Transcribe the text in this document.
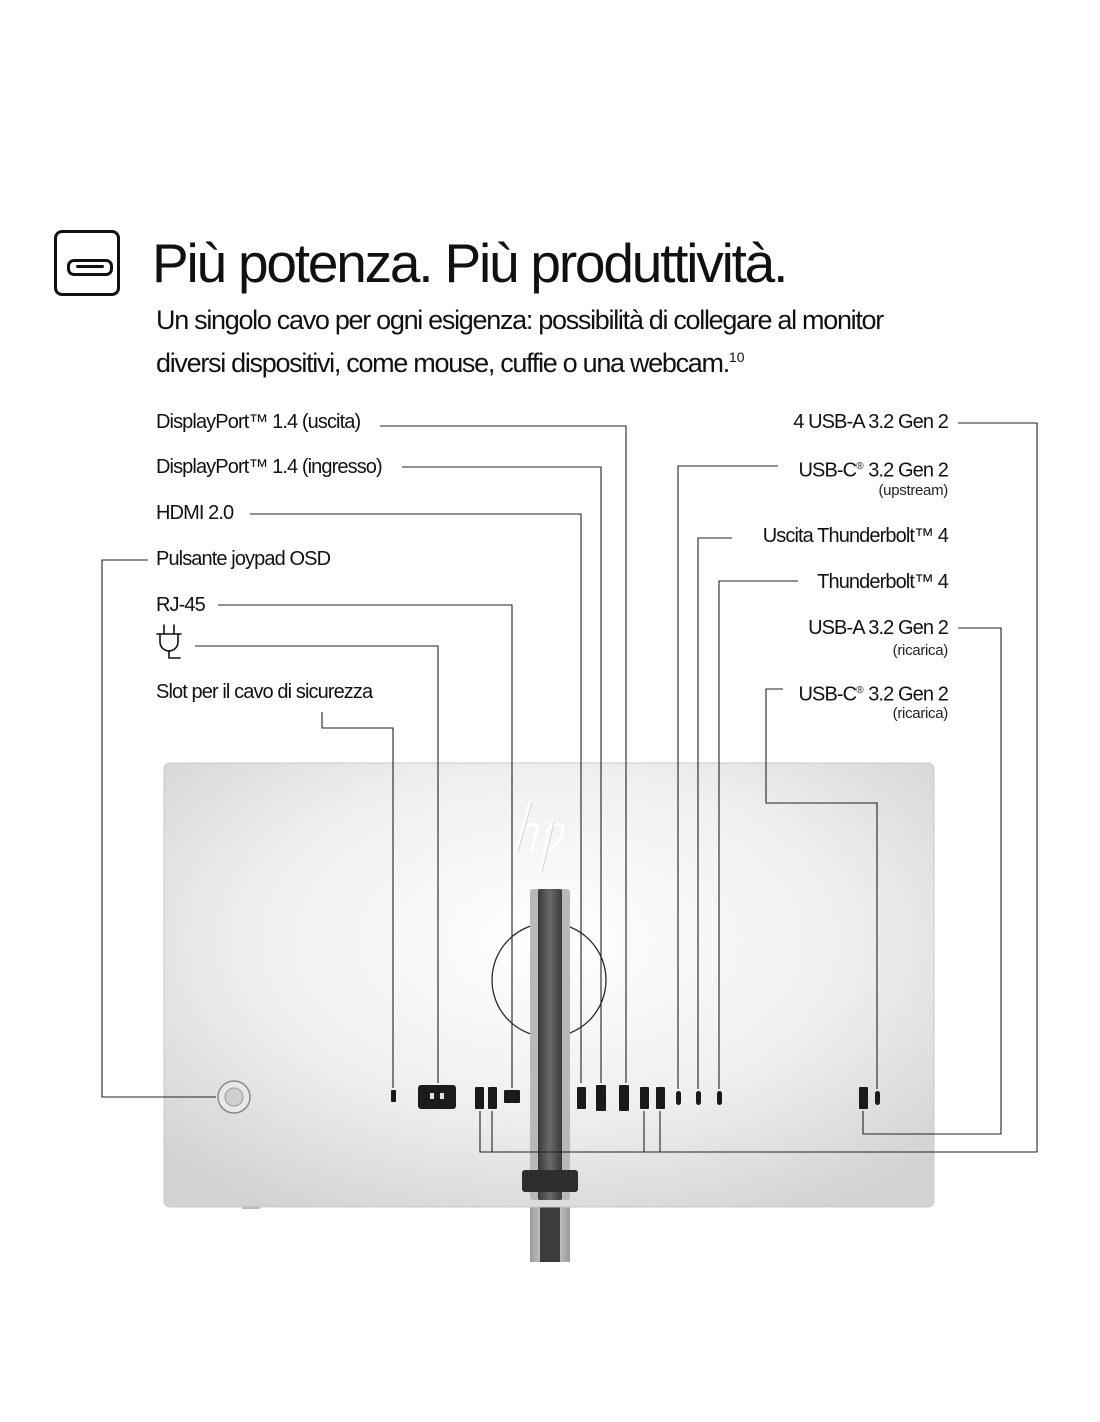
Più potenza. Più produttività.
Un singolo cavo per ogni esigenza: possibilità di collegare al monitor
diversi dispositivi, come mouse, cuffie o una webcam.$^{10}$
DisplayPort™ 1.4 (uscita)
DisplayPort™ 1.4 (ingresso)
HDMI 2.0
Pulsante joypad OSD
RJ-45
Slot per il cavo di sicurezza
4 USB-A 3.2 Gen 2
USB-C® 3.2 Gen 2
(upstream)
Uscita Thunderbolt™ 4
Thunderbolt™ 4
USB-A 3.2 Gen 2
(ricarica)
USB-C® 3.2 Gen 2
(ricarica)
